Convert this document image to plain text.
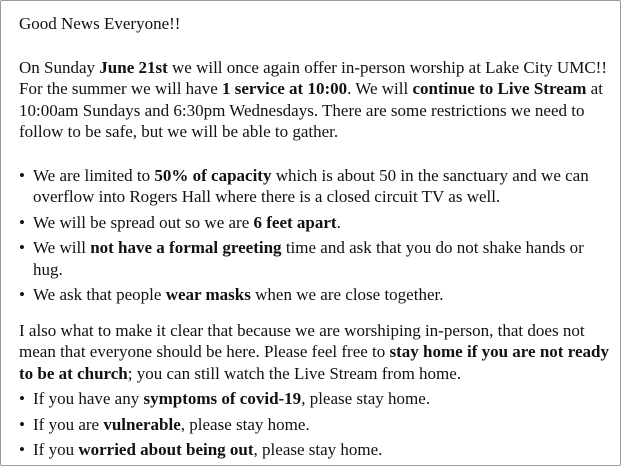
Good News Everyone!!

On Sunday June 21st we will once again offer in-person worship at Lake City UMC!! For the summer we will have 1 service at 10:00. We will continue to Live Stream at 10:00am Sundays and 6:30pm Wednesdays. There are some restrictions we need to follow to be safe, but we will be able to gather.

• We are limited to 50% of capacity which is about 50 in the sanctuary and we can overflow into Rogers Hall where there is a closed circuit TV as well.
• We will be spread out so we are 6 feet apart.
• We will not have a formal greeting time and ask that you do not shake hands or hug.
• We ask that people wear masks when we are close together.

I also what to make it clear that because we are worshiping in-person, that does not mean that everyone should be here. Please feel free to stay home if you are not ready to be at church; you can still watch the Live Stream from home.

• If you have any symptoms of covid-19, please stay home.
• If you are vulnerable, please stay home.
• If you worried about being out, please stay home.
